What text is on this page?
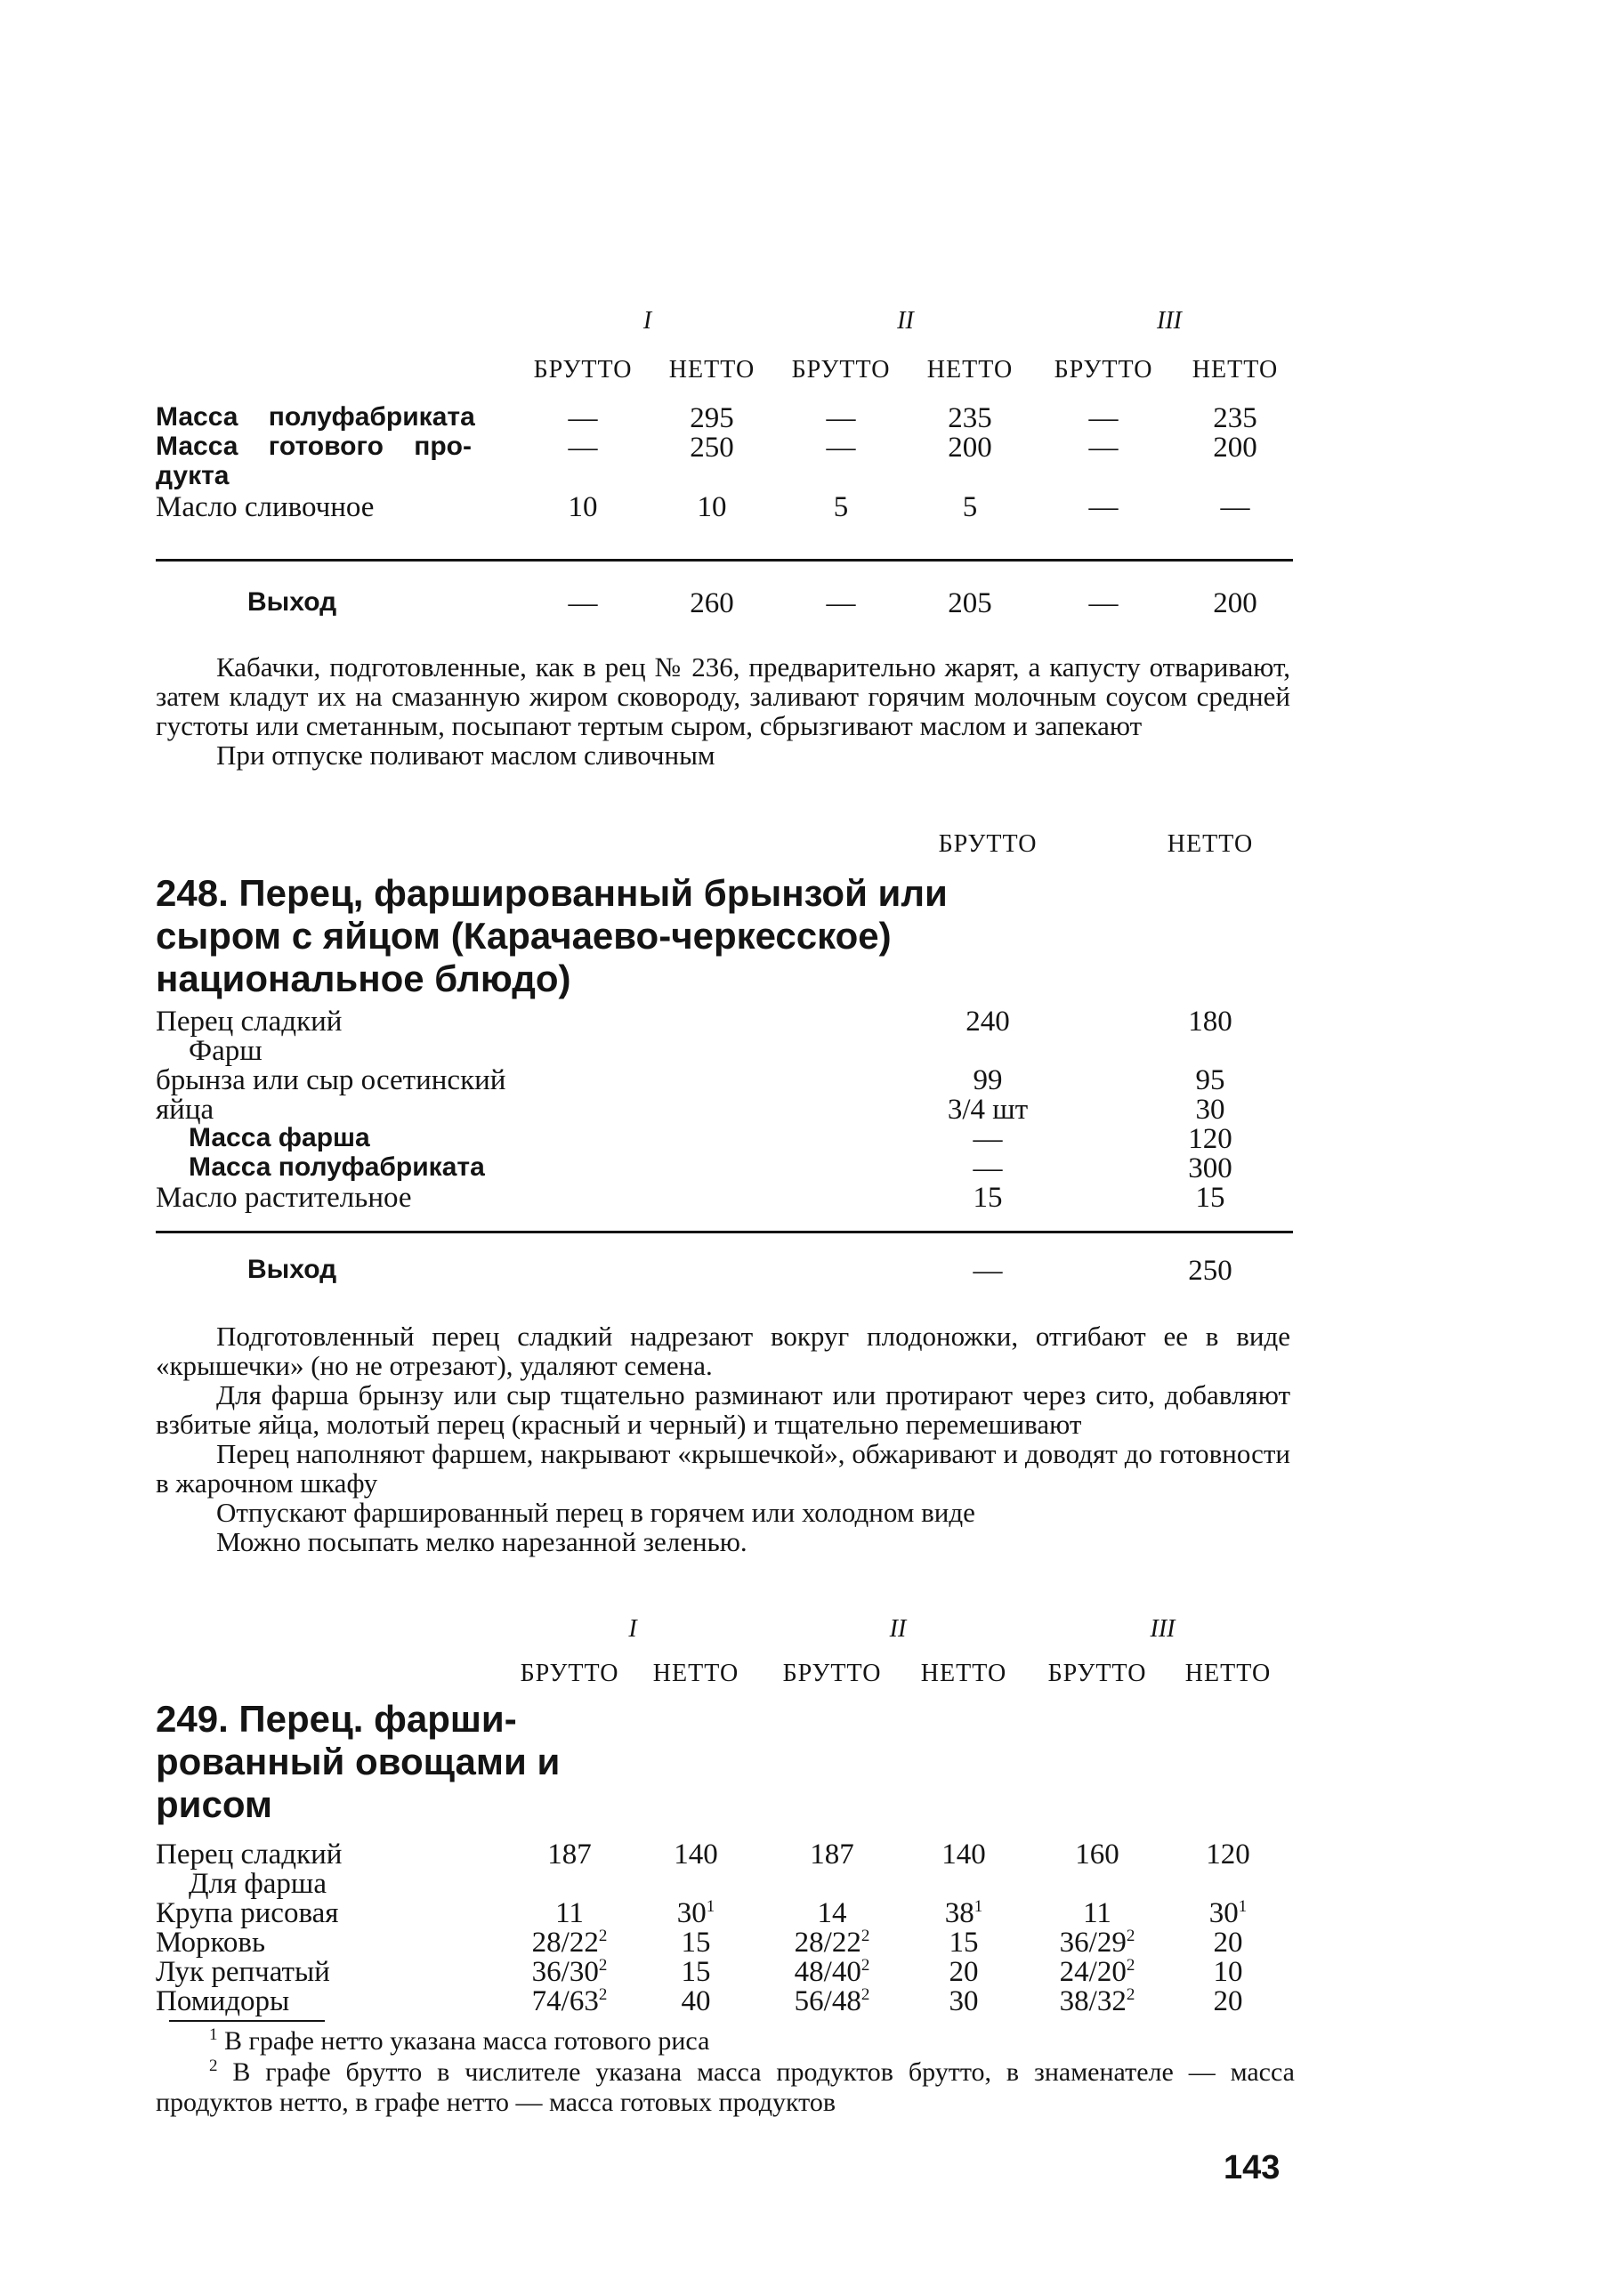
I	II	III
БРУТТО НЕТТО БРУТТО НЕТТО БРУТТО НЕТТО
Масса полуфабриката	—	295	—	235	—	235
Масса готового про-
дукта
—	250	—	200	—	200
Масло сливочное	10	10	5	5	—	—
Выход	—	260	—	205	—	200

Кабачки, подготовленные, как в рец № 236, предварительно жарят, а капусту отваривают, затем кладут их на смазанную жиром сковороду, заливают горячим молочным соусом средней густоты или сметанным, посыпают тертым сыром, сбрызгивают маслом и запекают

При отпуске поливают маслом сливочным

БРУТТО	НЕТТО
248. Перец, фаршированный брынзой или
сыром с яйцом (Карачаево-черкесское)
национальное блюдо)
Перец сладкий	240	180
Фарш
брынза или сыр осетинский	99	95
яйца	3/4 шт	30
Масса фарша	—	120
Масса полуфабриката	—	300
Масло растительное	15	15
Выход	—	250

Подготовленный перец сладкий надрезают вокруг плодоножки, отгибают ее в виде «крышечки» (но не отрезают), удаляют семена.

Для фарша брынзу или сыр тщательно разминают или протирают через сито, добавляют взбитые яйца, молотый перец (красный и черный) и тщательно перемешивают

Перец наполняют фаршем, накрывают «крышечкой», обжаривают и доводят до готовности в жарочном шкафу

Отпускают фаршированный перец в горячем или холодном виде

Можно посыпать мелко нарезанной зеленью.

I	II	III
БРУТТО НЕТТО БРУТТО НЕТТО БРУТТО НЕТТО
Перец сладкий	187	140	187	140	160	120
Для фарша
Крупа рисовая	11	$30^1$	14	$38^1$	11	$30^1$
Морковь	$28/22^2$	15	$28/22^2$	15	$36/29^2$	20
Лук репчатый	$36/30^2$	15	$48/40^2$	20	$24/20^2$	10
Помидоры	$74/63^2$	40	$56/48^2$	30	$38/32^2$	20
249. Перец. фарши-
рованный овощами и
рисом
$^1$ В графе нетто указана масса готового риса
$^2$ В графе брутто в числителе указана масса продуктов брутто, в знаменателе — масса продуктов нетто, в графе нетто — масса готовых продуктов
143
